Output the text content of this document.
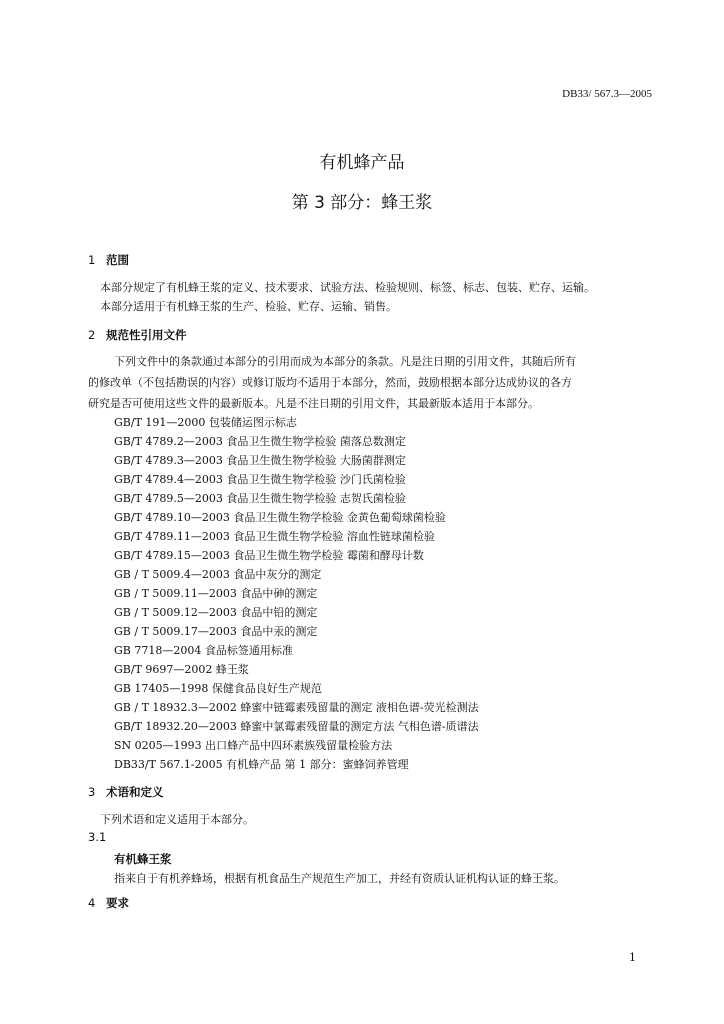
DB33/ 567.3—2005
有机蜂产品
第 3 部分：蜂王浆
1 范围
本部分规定了有机蜂王浆的定义、技术要求、试验方法、检验规则、标签、标志、包装、贮存、运输。
本部分适用于有机蜂王浆的生产、检验、贮存、运输、销售。
2 规范性引用文件
下列文件中的条款通过本部分的引用而成为本部分的条款。凡是注日期的引用文件，其随后所有
的修改单（不包括勘误的内容）或修订版均不适用于本部分，然而，鼓励根据本部分达成协议的各方
研究是否可使用这些文件的最新版本。凡是不注日期的引用文件，其最新版本适用于本部分。
GB/T 191—2000 包装储运图示标志
GB/T 4789.2—2003 食品卫生微生物学检验 菌落总数测定
GB/T 4789.3—2003 食品卫生微生物学检验 大肠菌群测定
GB/T 4789.4—2003 食品卫生微生物学检验 沙门氏菌检验
GB/T 4789.5—2003 食品卫生微生物学检验 志贺氏菌检验
GB/T 4789.10—2003 食品卫生微生物学检验 金黄色葡萄球菌检验
GB/T 4789.11—2003 食品卫生微生物学检验 溶血性链球菌检验
GB/T 4789.15—2003 食品卫生微生物学检验 霉菌和酵母计数
GB / T 5009.4—2003 食品中灰分的测定
GB / T 5009.11—2003 食品中砷的测定
GB / T 5009.12—2003 食品中铅的测定
GB / T 5009.17—2003 食品中汞的测定
GB 7718—2004 食品标签通用标准
GB/T 9697—2002 蜂王浆
GB 17405—1998 保健食品良好生产规范
GB / T 18932.3—2002 蜂蜜中链霉素残留量的测定 液相色谱-荧光检测法
GB/T 18932.20—2003 蜂蜜中氯霉素残留量的测定方法 气相色谱-质谱法
SN 0205—1993 出口蜂产品中四环素族残留量检验方法
DB33/T 567.1-2005 有机蜂产品 第 1 部分：蜜蜂饲养管理
3 术语和定义
下列术语和定义适用于本部分。
3.1
有机蜂王浆
指来自于有机养蜂场，根据有机食品生产规范生产加工，并经有资质认证机构认证的蜂王浆。
4 要求
1
